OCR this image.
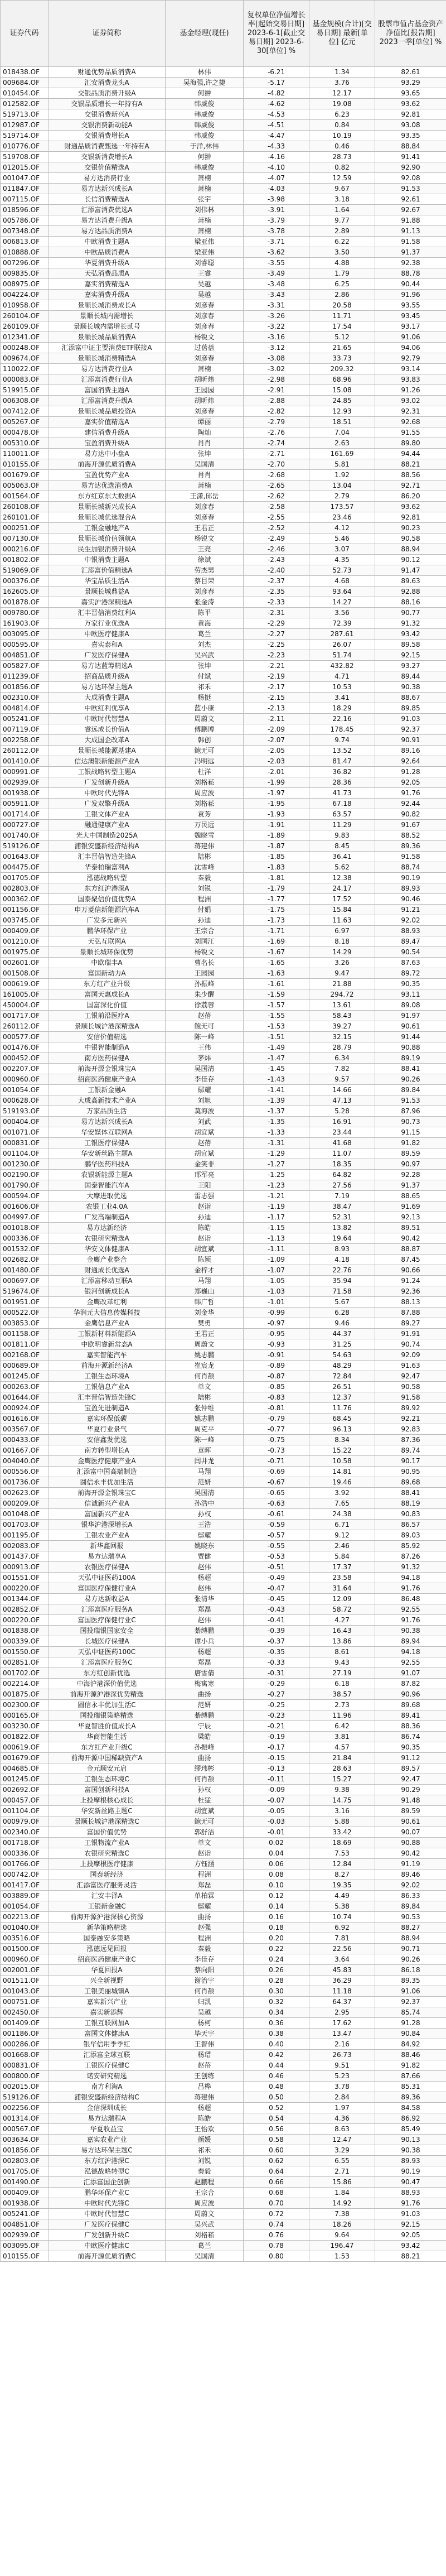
证券代码	证券简称	基金经理(现任)	复权单位净值增长率[起始交易日期] 2023-6-1[截止交易日期] 2023-6-30[单位] %	基金规模(合计)[交易日期] 最新[单位] 亿元	股票市值占基金资产净值比[报告期] 2023一季[单位] %
018438.OF	财通优势品质消费A	林伟	-6.21	1.34	82.61
009684.OF	汇安消费龙头A	吴海强,许之捷	-5.17	3.76	93.29
010454.OF	交银品质消费升级A	何翀	-4.82	12.17	93.65
012582.OF	交银品质增长一年持有A	韩威俊	-4.62	19.08	93.62
519713.OF	交银消费新兴A	韩威俊	-4.53	6.23	92.81
012987.OF	交银消费新动能A	韩威俊	-4.51	0.84	93.08
519714.OF	交银消费增长A	韩威俊	-4.47	10.19	93.35
010776.OF	财通品质消费甄选一年持有A	于洋,林伟	-4.33	0.46	88.84
519708.OF	交银新消费增长A	何翀	-4.16	28.73	91.41
012015.OF	交银价值精选A	韩威俊	-4.10	0.82	92.90
001047.OF	易方达消费行业	萧楠	-4.07	12.59	92.08
011847.OF	易方达新兴成长A	萧楠	-4.03	9.67	91.53
007115.OF	长信消费精选A	张宇	-3.98	3.18	92.61
018596.OF	汇添富消费优选A	刘伟林	-3.91	1.64	92.67
005786.OF	易方达消费升级A	萧楠	-3.79	9.77	91.88
007348.OF	易方达品质消费A	萧楠	-3.78	2.89	91.13
006813.OF	中欧消费主题A	梁亚伟	-3.71	6.22	91.58
010888.OF	中欧品质消费A	梁亚伟	-3.62	3.50	91.37
007296.OF	华夏消费升级A	刘睿聪	-3.55	4.88	92.38
009835.OF	天弘消费品质A	王睿	-3.49	1.79	88.78
008975.OF	嘉实消费精选A	吴越	-3.48	6.25	90.44
004224.OF	嘉实消费升级A	吴越	-3.43	2.86	91.96
010958.OF	景顺长城消费成长A	刘彦春	-3.31	20.58	93.55
260104.OF	景顺长城内需增长	刘彦春	-3.26	11.71	93.45
260109.OF	景顺长城内需增长贰号	刘彦春	-3.22	17.54	93.17
012341.OF	景顺长城品质消费A	杨锐文	-3.16	5.12	91.06
000248.OF	汇添富中证主要消费ETF联接A	过蓓蓓	-3.12	21.65	94.06
009674.OF	景顺长城消费精选A	刘彦春	-3.08	33.73	92.79
110022.OF	易方达消费行业A	萧楠	-3.02	209.32	93.14
000083.OF	汇添富消费行业A	胡昕炜	-2.98	68.96	93.83
519915.OF	富国消费主题A	王园园	-2.91	15.08	91.26
006308.OF	汇添富消费升级A	胡昕炜	-2.88	24.85	93.02
007412.OF	景顺长城品质投资A	刘彦春	-2.82	12.93	92.31
005267.OF	嘉实价值精选A	谭丽	-2.79	18.51	92.68
000478.OF	建信消费升级A	陶灿	-2.76	7.04	91.55
005310.OF	宝盈消费升级A	肖肖	-2.74	2.63	89.80
110011.OF	易方达中小盘A	张坤	-2.71	161.69	94.44
010155.OF	前海开源优质消费A	吴国清	-2.70	5.81	88.21
001679.OF	宝盈优势产业A	肖肖	-2.68	1.92	88.56
005063.OF	易方达优选消费A	萧楠	-2.65	13.04	92.71
001564.OF	东方红京东大数据A	王潇,邱岳	-2.62	2.79	86.20
260108.OF	景顺长城新兴成长A	刘彦春	-2.58	173.57	93.62
260101.OF	景顺长城优选混合A	刘彦春	-2.55	23.46	92.81
000251.OF	工银金融地产A	王君正	-2.52	4.12	90.23
007130.OF	景顺长城价值领航A	杨锐文	-2.49	5.46	90.58
000216.OF	民生加银消费升级A	王亮	-2.46	3.07	88.94
001802.OF	中银消费主题A	徐斌	-2.43	4.35	90.12
519069.OF	汇添富价值精选A	劳杰男	-2.40	52.73	91.47
000376.OF	华宝品质生活A	蔡目荣	-2.37	4.68	89.63
162605.OF	景顺长城鼎益A	刘彦春	-2.35	93.64	92.88
001878.OF	嘉实沪港深精选A	张金涛	-2.33	14.27	88.16
009780.OF	汇丰晋信消费红利A	陈平	-2.31	3.56	90.77
161903.OF	万家行业优选A	黄海	-2.29	72.39	91.32
003095.OF	中欧医疗健康A	葛兰	-2.27	287.61	93.42
000595.OF	嘉实泰和A	刘杰	-2.25	26.07	89.58
004851.OF	广发医疗保健A	吴兴武	-2.23	51.74	92.15
005827.OF	易方达蓝筹精选A	张坤	-2.21	432.82	93.27
011239.OF	招商品质升级A	付斌	-2.19	4.71	89.44
001856.OF	易方达环保主题A	祁禾	-2.17	10.53	90.38
002310.OF	大成消费主题A	杨挺	-2.15	3.41	88.67
004814.OF	中欧红利优享A	蓝小康	-2.13	18.29	89.85
005241.OF	中欧时代智慧A	周蔚文	-2.11	22.16	91.03
007119.OF	睿远成长价值A	傅鹏博	-2.09	178.45	92.37
002258.OF	大成国企改革A	韩创	-2.07	9.74	90.91
260112.OF	景顺长城能源基建A	鲍无可	-2.05	13.52	89.16
001410.OF	信达澳银新能源产业A	冯明远	-2.03	81.47	92.64
000991.OF	工银战略转型主题A	杜洋	-2.01	36.82	91.28
002939.OF	广发创新升级A	刘格菘	-1.99	28.36	92.05
001938.OF	中欧时代先锋A	周应波	-1.97	41.73	91.76
005911.OF	广发双擎升级A	刘格菘	-1.95	67.18	92.44
001714.OF	工银文体产业A	袁芳	-1.93	63.57	90.82
000727.OF	融通健康产业A	万民远	-1.91	11.29	91.67
001740.OF	光大中国制造2025A	魏晓雪	-1.89	9.83	88.52
519126.OF	浦银安盛新经济结构A	蒋建伟	-1.87	8.45	89.36
001643.OF	汇丰晋信智造先锋A	陆彬	-1.85	36.41	91.58
004475.OF	华泰柏瑞富利A	沈雪峰	-1.83	5.62	88.74
001705.OF	泓德战略转型	秦毅	-1.81	12.38	90.19
002803.OF	东方红沪港深A	刘锐	-1.79	24.17	89.93
000362.OF	国泰聚信价值优势A	程洲	-1.77	17.52	90.46
001156.OF	申万菱信新能源汽车A	付娟	-1.75	15.84	91.21
003745.OF	广发多元新兴	孙迪	-1.73	11.63	92.02
000409.OF	鹏华环保产业	王宗合	-1.71	6.97	88.93
001210.OF	天弘互联网A	刘国江	-1.69	8.18	89.47
001975.OF	景顺长城环保优势	杨锐文	-1.67	14.29	90.54
002601.OF	中欧瑞丰A	曹名长	-1.65	3.26	87.63
001508.OF	富国新动力A	王园园	-1.63	9.47	89.72
000619.OF	东方红产业升级	孙振峰	-1.61	21.88	90.35
161005.OF	富国天惠成长A	朱少醒	-1.59	294.72	93.11
450004.OF	国富深化价值	徐荔蓉	-1.57	13.61	89.08
001717.OF	工银前沿医疗A	赵蓓	-1.55	58.43	91.97
260112.OF	景顺长城沪港深精选A	鲍无可	-1.53	39.27	90.61
000577.OF	安信价值精选	陈一峰	-1.51	32.15	91.44
001476.OF	中银智能制造A	王伟	-1.49	28.79	90.88
000452.OF	南方医药保健A	茅炜	-1.47	6.34	89.19
002207.OF	前海开源金银珠宝A	吴国清	-1.45	7.82	88.41
000960.OF	招商医药健康产业A	李佳存	-1.43	9.57	90.26
001054.OF	工银新金融A	鄢耀	-1.41	14.66	89.84
000628.OF	大成高新技术产业A	刘旭	-1.39	47.13	91.53
519193.OF	万家品质生活	莫海波	-1.37	5.28	87.96
000404.OF	易方达新兴成长A	刘武	-1.35	16.91	90.73
001071.OF	华安媒体互联网A	胡宜斌	-1.33	23.44	91.15
000831.OF	工银医疗保健A	赵蓓	-1.31	41.68	91.82
001104.OF	华安新丝路主题A	胡宜斌	-1.29	11.07	89.59
001230.OF	鹏华医药科技A	金笑非	-1.27	18.35	90.97
002190.OF	农银新能源主题A	邢军亮	-1.25	64.82	92.28
001790.OF	国泰智能汽车A	王阳	-1.23	27.56	91.37
000594.OF	大摩进取优选	雷志强	-1.21	7.19	88.65
001606.OF	农银工业4.0A	赵诣	-1.19	38.47	91.69
004997.OF	广发高端制造A	孙迪	-1.17	52.31	92.13
001018.OF	易方达新经济	陈皓	-1.15	13.82	89.51
000336.OF	农银研究精选A	赵诣	-1.13	19.64	90.42
001532.OF	华安文体健康A	胡宜斌	-1.11	8.93	88.87
002682.OF	金鹰产业整合	陈颖	-1.09	4.18	87.45
001480.OF	财通成长优选A	金梓才	-1.07	22.76	90.66
000697.OF	汇添富移动互联A	马翔	-1.05	35.94	91.24
519674.OF	银河创新成长A	郑巍山	-1.03	71.58	92.36
001951.OF	金鹰改革红利	韩广哲	-1.01	5.67	88.13
000522.OF	华润元大信息传媒科技	刘金华	-0.99	6.28	87.88
003853.OF	金鹰信息产业A	樊勇	-0.97	9.46	89.27
001158.OF	工银新材料新能源A	王君正	-0.95	44.37	91.91
001811.OF	中欧明睿新常态A	周蔚文	-0.93	31.25	90.74
002168.OF	嘉实智能汽车	姚志鹏	-0.91	54.63	92.09
000689.OF	前海开源新经济A	崔宸龙	-0.89	48.29	91.63
001245.OF	工银生态环境A	何肖颉	-0.87	72.84	92.47
000263.OF	工银信息产业A	单文	-0.85	26.51	90.58
001644.OF	汇丰晋信智造先锋C	陆彬	-0.83	12.37	91.58
000924.OF	宝盈先进制造A	张仲维	-0.81	11.76	89.92
001616.OF	嘉实环保低碳	姚志鹏	-0.79	68.45	92.21
003567.OF	华夏行业景气	周克平	-0.77	96.13	92.83
000433.OF	安信鑫发优选	陈一峰	-0.75	8.34	87.36
001667.OF	南方转型增长A	章晖	-0.73	15.22	89.74
004040.OF	金鹰医疗健康产业A	闫井龙	-0.71	10.58	90.17
000556.OF	汇添富中国高端制造	马翔	-0.69	14.81	90.95
001736.OF	圆信永丰优加生活	范妍	-0.67	19.46	89.68
002623.OF	前海开源金银珠宝C	吴国清	-0.65	3.92	88.41
000209.OF	信诚新兴产业A	孙浩中	-0.63	7.65	88.19
001048.OF	富国新兴产业A	孙权	-0.61	24.38	90.83
001703.OF	银华沪港深增长A	王浩	-0.59	6.71	86.57
001195.OF	工银农业产业A	鄢耀	-0.57	9.12	89.03
002083.OF	新华鑫回报	姚晓东	-0.55	2.46	85.92
001437.OF	易方达瑞享A	贾健	-0.53	5.84	87.26
000913.OF	农银医疗保健A	赵伟	-0.51	17.37	91.32
001551.OF	天弘中证医药100A	杨超	-0.49	23.58	94.18
000220.OF	富国医疗保健行业A	赵伟	-0.47	31.64	91.76
001344.OF	易方达新收益A	张清华	-0.45	12.09	86.48
002852.OF	汇添富医疗服务A	郑磊	-0.43	58.72	92.55
000220.OF	富国医疗保健行业C	赵伟	-0.41	4.27	91.76
001838.OF	国投瑞银国家安全	綦缚鹏	-0.39	16.43	90.38
000339.OF	长城医疗保健A	谭小兵	-0.37	13.86	89.94
001550.OF	天弘中证医药100C	杨超	-0.35	8.61	94.18
002851.OF	汇添富医疗服务C	郑磊	-0.33	9.43	92.55
001702.OF	东方红创新优选	唐雪倩	-0.31	27.19	91.07
002214.OF	中海沪港深价值优选	梅寓寒	-0.29	6.18	87.82
001875.OF	前海开源沪港深优势精选	曲扬	-0.27	38.57	90.96
002300.OF	圆信永丰优加生活C	范妍	-0.25	2.73	89.68
000165.OF	国投瑞银策略精选	綦缚鹏	-0.23	11.96	89.41
003230.OF	华夏智胜价值成长A	宁辰	-0.21	6.42	88.36
001822.OF	华商智能生活	梁皓	-0.19	3.81	86.74
000619.OF	东方红产业升级C	孙振峰	-0.17	4.57	90.35
001679.OF	前海开源中国稀缺资产A	曲扬	-0.15	21.84	91.12
004685.OF	金元顺安元启	缪玮彬	-0.13	28.63	89.57
001245.OF	工银生态环境C	何肖颉	-0.11	15.27	92.47
002692.OF	富国创新科技A	孙权	-0.09	9.38	90.29
000457.OF	上投摩根核心成长	杜猛	-0.07	14.75	91.48
001104.OF	华安新丝路主题C	胡宜斌	-0.05	3.16	89.59
000979.OF	景顺长城沪港深精选C	鲍无可	-0.03	5.88	90.61
002340.OF	富国价值优势	郭舒洁	-0.01	33.42	90.07
001718.OF	工银物流产业A	单文	0.02	18.69	90.88
000336.OF	农银研究精选C	赵诣	0.04	7.53	90.42
001766.OF	上投摩根医疗健康	方钰涵	0.06	12.84	91.19
000742.OF	国泰新经济	程洲	0.08	8.27	89.46
001417.OF	汇添富医疗服务灵活	郑磊	0.10	19.35	92.02
003889.OF	汇安丰泽A	单柏霖	0.12	4.49	86.33
001054.OF	工银新金融C	鄢耀	0.14	5.38	89.84
002213.OF	前海开源沪港深核心资源	曲扬	0.16	10.74	90.53
001040.OF	新华策略精选	赵强	0.18	6.92	88.27
003516.OF	国泰融安多策略	程洲	0.20	7.81	88.94
001500.OF	泓德远见回报	秦毅	0.22	22.56	90.71
000960.OF	招商医药健康产业C	李佳存	0.24	3.64	90.26
002001.OF	华夏回报A	蔡向阳	0.26	45.83	86.18
001511.OF	兴全新视野	谢治宇	0.28	36.29	89.35
001043.OF	工银美丽城镇A	何肖颉	0.30	11.18	91.06
000751.OF	嘉实新兴产业	归凯	0.32	64.37	92.37
002450.OF	嘉实新添辉	吴越	0.34	2.95	85.74
001409.OF	工银互联网加A	杨柯	0.36	17.62	91.28
001186.OF	富国文体健康A	毕天宇	0.38	13.47	90.84
000286.OF	银华信用季季红	王智伟	0.40	2.16	84.92
001668.OF	汇添富全球互联	杨瑨	0.42	26.73	88.46
000831.OF	工银医疗保健C	赵蓓	0.44	9.51	91.82
000800.OF	诺安研究精选	王创练	0.46	5.23	87.66
002015.OF	南方利淘A	吕桦	0.48	3.78	85.31
519126.OF	浦银安盛新经济结构C	蒋建伟	0.50	2.84	89.36
002256.OF	金信深圳成长	杨超	0.52	1.97	84.58
001314.OF	易方达瑞程A	陈皓	0.54	4.36	86.92
000567.OF	华夏收益宝	王怡欢	0.56	8.63	85.49
003634.OF	嘉实农业产业	颜媛	0.58	12.47	90.13
001856.OF	易方达环保主题C	祁禾	0.60	3.29	90.38
002803.OF	东方红沪港深C	刘锐	0.62	6.55	89.93
001705.OF	泓德战略转型C	秦毅	0.64	2.71	90.19
001490.OF	汇添富国企创新	赵鹏程	0.66	15.86	90.47
000409.OF	鹏华环保产业C	王宗合	0.68	1.84	88.93
001938.OF	中欧时代先锋C	周应波	0.70	14.92	91.76
005241.OF	中欧时代智慧C	周蔚文	0.72	7.38	91.03
004851.OF	广发医疗保健C	吴兴武	0.74	18.26	92.15
002939.OF	广发创新升级C	刘格菘	0.76	9.64	92.05
003095.OF	中欧医疗健康C	葛兰	0.78	196.47	93.42
010155.OF	前海开源优质消费C	吴国清	0.80	1.53	88.21
